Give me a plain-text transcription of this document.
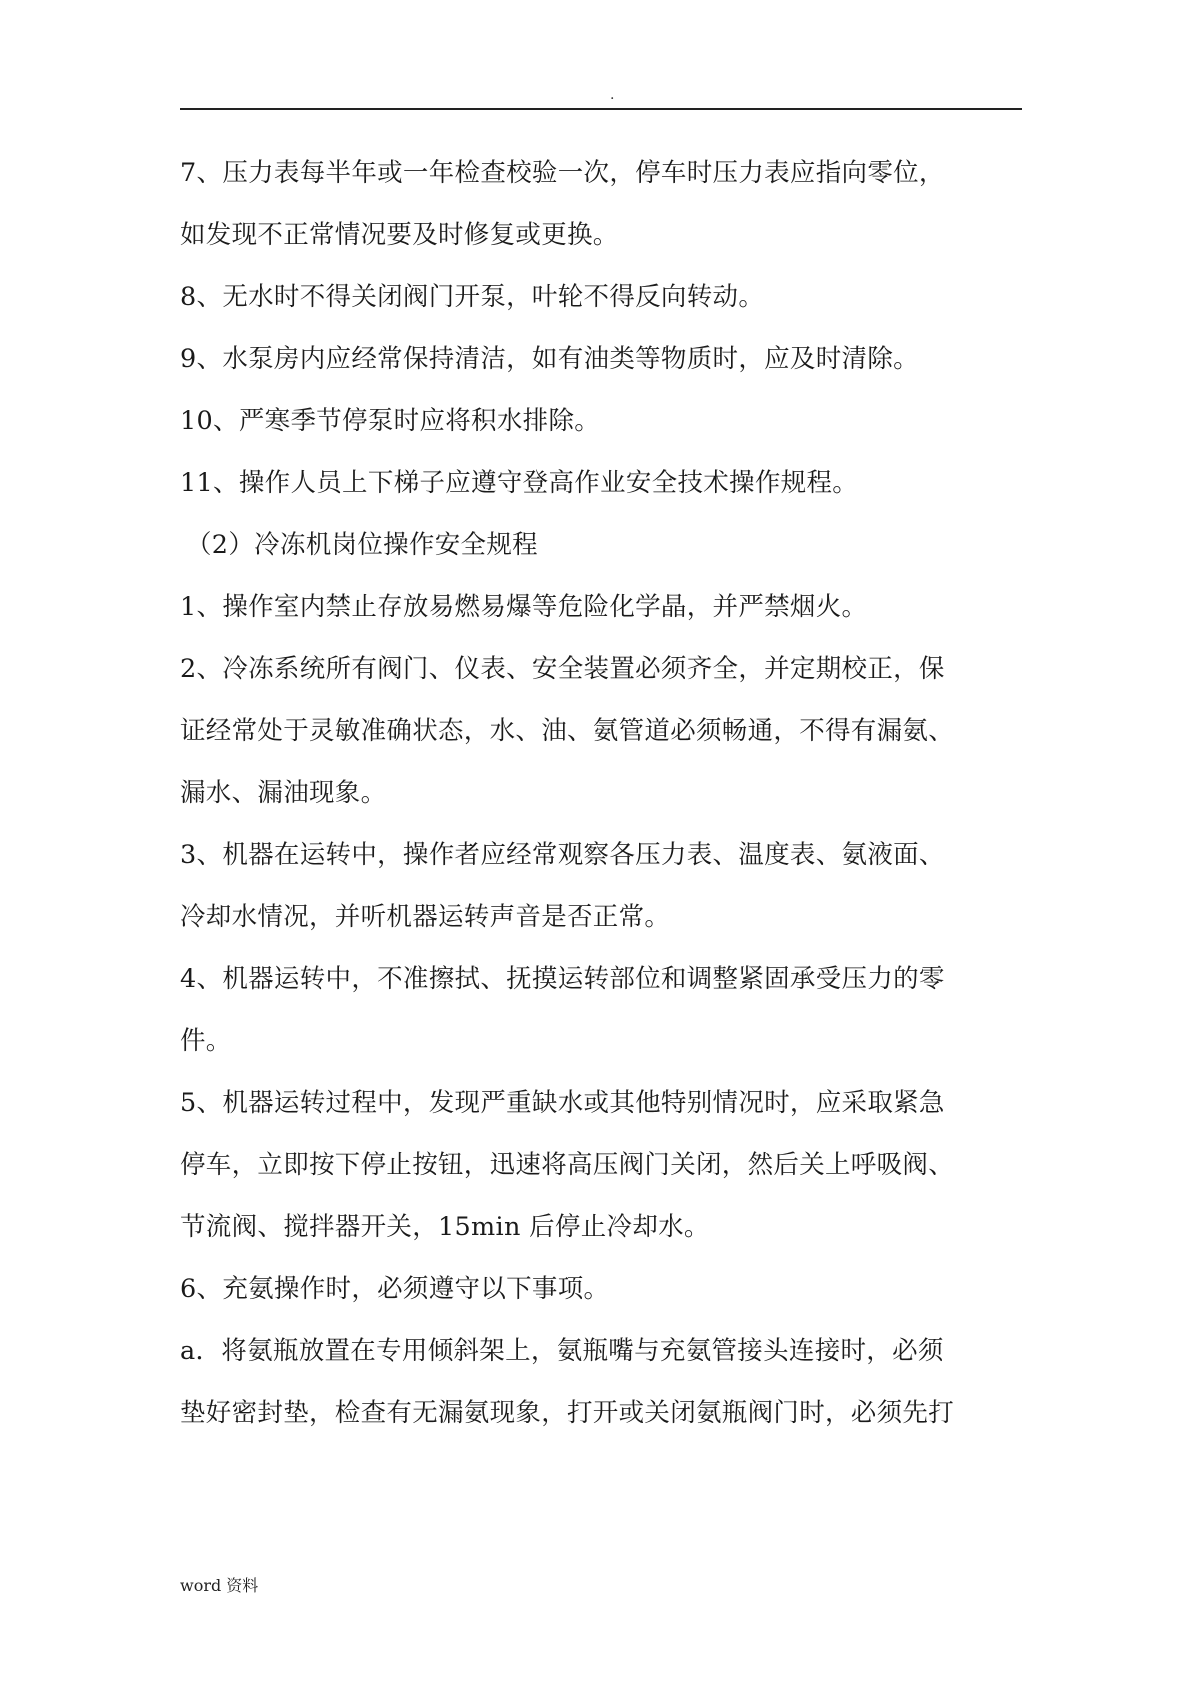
.
7、压力表每半年或一年检查校验一次，停车时压力表应指向零位，
如发现不正常情况要及时修复或更换。
8、无水时不得关闭阀门开泵，叶轮不得反向转动。
9、水泵房内应经常保持清洁，如有油类等物质时，应及时清除。
10、严寒季节停泵时应将积水排除。
11、操作人员上下梯子应遵守登高作业安全技术操作规程。
（2）冷冻机岗位操作安全规程
1、操作室内禁止存放易燃易爆等危险化学晶，并严禁烟火。
2、冷冻系统所有阀门、仪表、安全装置必须齐全，并定期校正，保
证经常处于灵敏准确状态，水、油、氨管道必须畅通，不得有漏氨、
漏水、漏油现象。
3、机器在运转中，操作者应经常观察各压力表、温度表、氨液面、
冷却水情况，并听机器运转声音是否正常。
4、机器运转中，不准擦拭、抚摸运转部位和调整紧固承受压力的零
件。
5、机器运转过程中，发现严重缺水或其他特别情况时，应采取紧急
停车，立即按下停止按钮，迅速将高压阀门关闭，然后关上呼吸阀、
节流阀、搅拌器开关，15min 后停止冷却水。
6、充氨操作时，必须遵守以下事项。
a．将氨瓶放置在专用倾斜架上，氨瓶嘴与充氨管接头连接时，必须
垫好密封垫，检查有无漏氨现象，打开或关闭氨瓶阀门时，必须先打
word 资料
